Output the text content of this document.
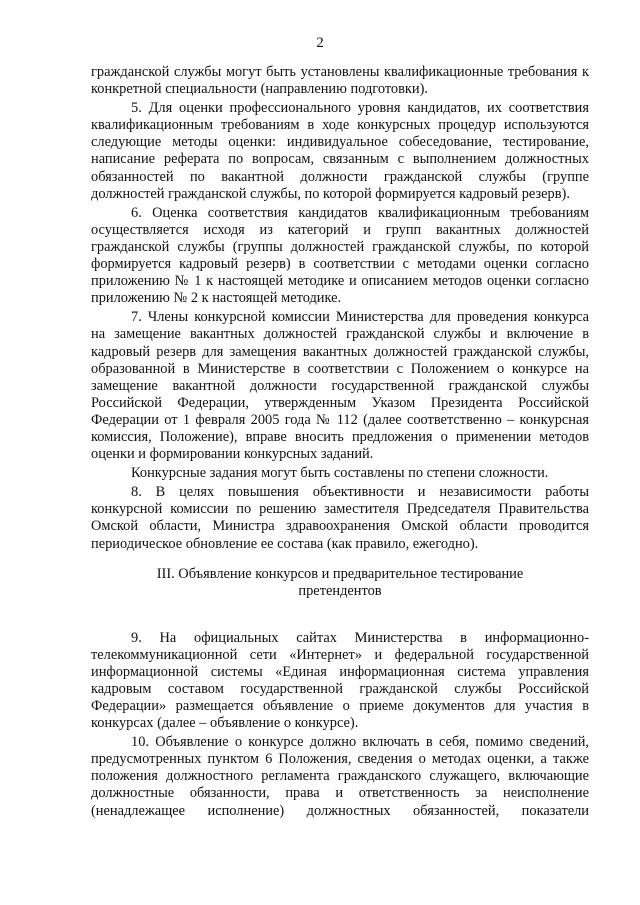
2

гражданской службы могут быть установлены квалификационные требования к конкретной специальности (направлению подготовки).

5. Для оценки профессионального уровня кандидатов, их соответствия квалификационным требованиям в ходе конкурсных процедур используются следующие методы оценки: индивидуальное собеседование, тестирование, написание реферата по вопросам, связанным с выполнением должностных обязанностей по вакантной должности гражданской службы (группе должностей гражданской службы, по которой формируется кадровый резерв).

6. Оценка соответствия кандидатов квалификационным требованиям осуществляется исходя из категорий и групп вакантных должностей гражданской службы (группы должностей гражданской службы, по которой формируется кадровый резерв) в соответствии с методами оценки согласно приложению № 1 к настоящей методике и описанием методов оценки согласно приложению № 2 к настоящей методике.

7. Члены конкурсной комиссии Министерства для проведения конкурса на замещение вакантных должностей гражданской службы и включение в кадровый резерв для замещения вакантных должностей гражданской службы, образованной в Министерстве в соответствии с Положением о конкурсе на замещение вакантной должности государственной гражданской службы Российской Федерации, утвержденным Указом Президента Российской Федерации от 1 февраля 2005 года № 112 (далее соответственно – конкурсная комиссия, Положение), вправе вносить предложения о применении методов оценки и формировании конкурсных заданий.

Конкурсные задания могут быть составлены по степени сложности.

8. В целях повышения объективности и независимости работы конкурсной комиссии по решению заместителя Председателя Правительства Омской области, Министра здравоохранения Омской области проводится периодическое обновление ее состава (как правило, ежегодно).

III. Объявление конкурсов и предварительное тестирование
претендентов

9. На официальных сайтах Министерства в информационно-телекоммуникационной сети «Интернет» и федеральной государственной информационной системы «Единая информационная система управления кадровым составом государственной гражданской службы Российской Федерации» размещается объявление о приеме документов для участия в конкурсах (далее – объявление о конкурсе).

10. Объявление о конкурсе должно включать в себя, помимо сведений, предусмотренных пунктом 6 Положения, сведения о методах оценки, а также положения должностного регламента гражданского служащего, включающие должностные обязанности, права и ответственность за неисполнение (ненадлежащее исполнение) должностных обязанностей, показатели
